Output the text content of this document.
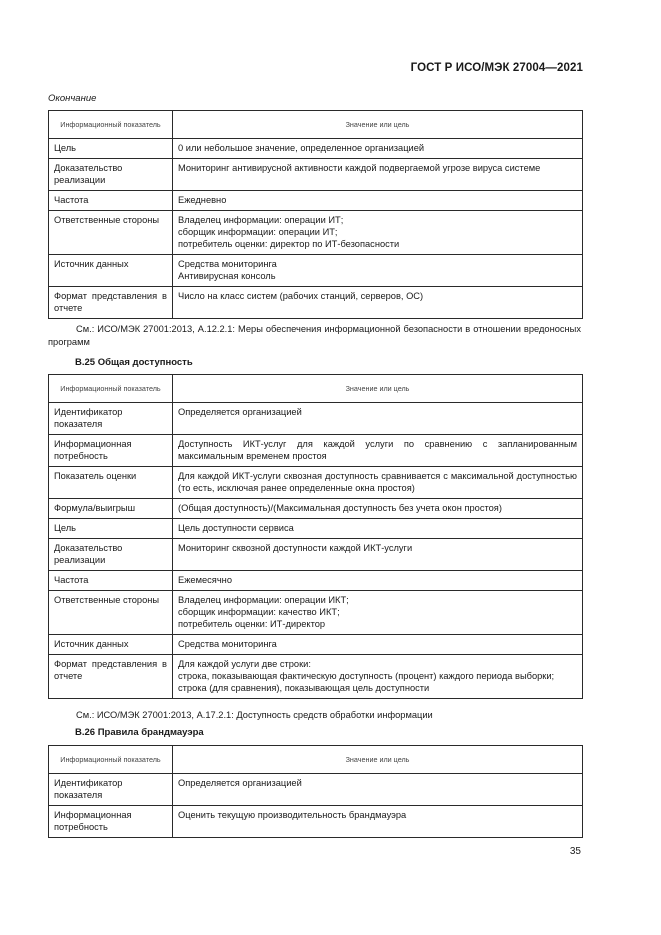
ГОСТ Р ИСО/МЭК 27004—2021
Окончание
Информационный показатель	Значение или цель
Цель	0 или небольшое значение, определенное организацией
Доказательство реализации	Мониторинг антивирусной активности каждой подвергаемой угрозе вируса системе
Частота	Ежедневно
Ответственные стороны	Владелец информации: операции ИТ;
сборщик информации: операции ИТ;
потребитель оценки: директор по ИТ-безопасности

Источник данных	Средства мониторинга
Антивирусная консоль

Формат представления в отчете	Число на класс систем (рабочих станций, серверов, ОС)
См.: ИСО/МЭК 27001:2013, А.12.2.1: Меры обеспечения информационной безопасности в отношении вредоносных программ
В.25 Общая доступность
Информационный показатель	Значение или цель
Идентификатор показателя	Определяется организацией
Информационная потребность	Доступность ИКТ-услуг для каждой услуги по сравнению с запланированным максимальным временем простоя
Показатель оценки	Для каждой ИКТ-услуги сквозная доступность сравнивается с максимальной доступностью (то есть, исключая ранее определенные окна простоя)
Формула/выигрыш	(Общая доступность)/(Максимальная доступность без учета окон простоя)
Цель	Цель доступности сервиса
Доказательство реализации	Мониторинг сквозной доступности каждой ИКТ-услуги
Частота	Ежемесячно
Ответственные стороны	Владелец информации: операции ИКТ;
сборщик информации: качество ИКТ;
потребитель оценки: ИТ-директор

Источник данных	Средства мониторинга
Формат представления в отчете	Для каждой услуги две строки:
строка, показывающая фактическую доступность (процент) каждого периода выборки;
строка (для сравнения), показывающая цель доступности
См.: ИСО/МЭК 27001:2013, А.17.2.1: Доступность средств обработки информации
В.26 Правила брандмауэра
Информационный показатель	Значение или цель
Идентификатор показателя	Определяется организацией
Информационная потребность	Оценить текущую производительность брандмауэра
35
